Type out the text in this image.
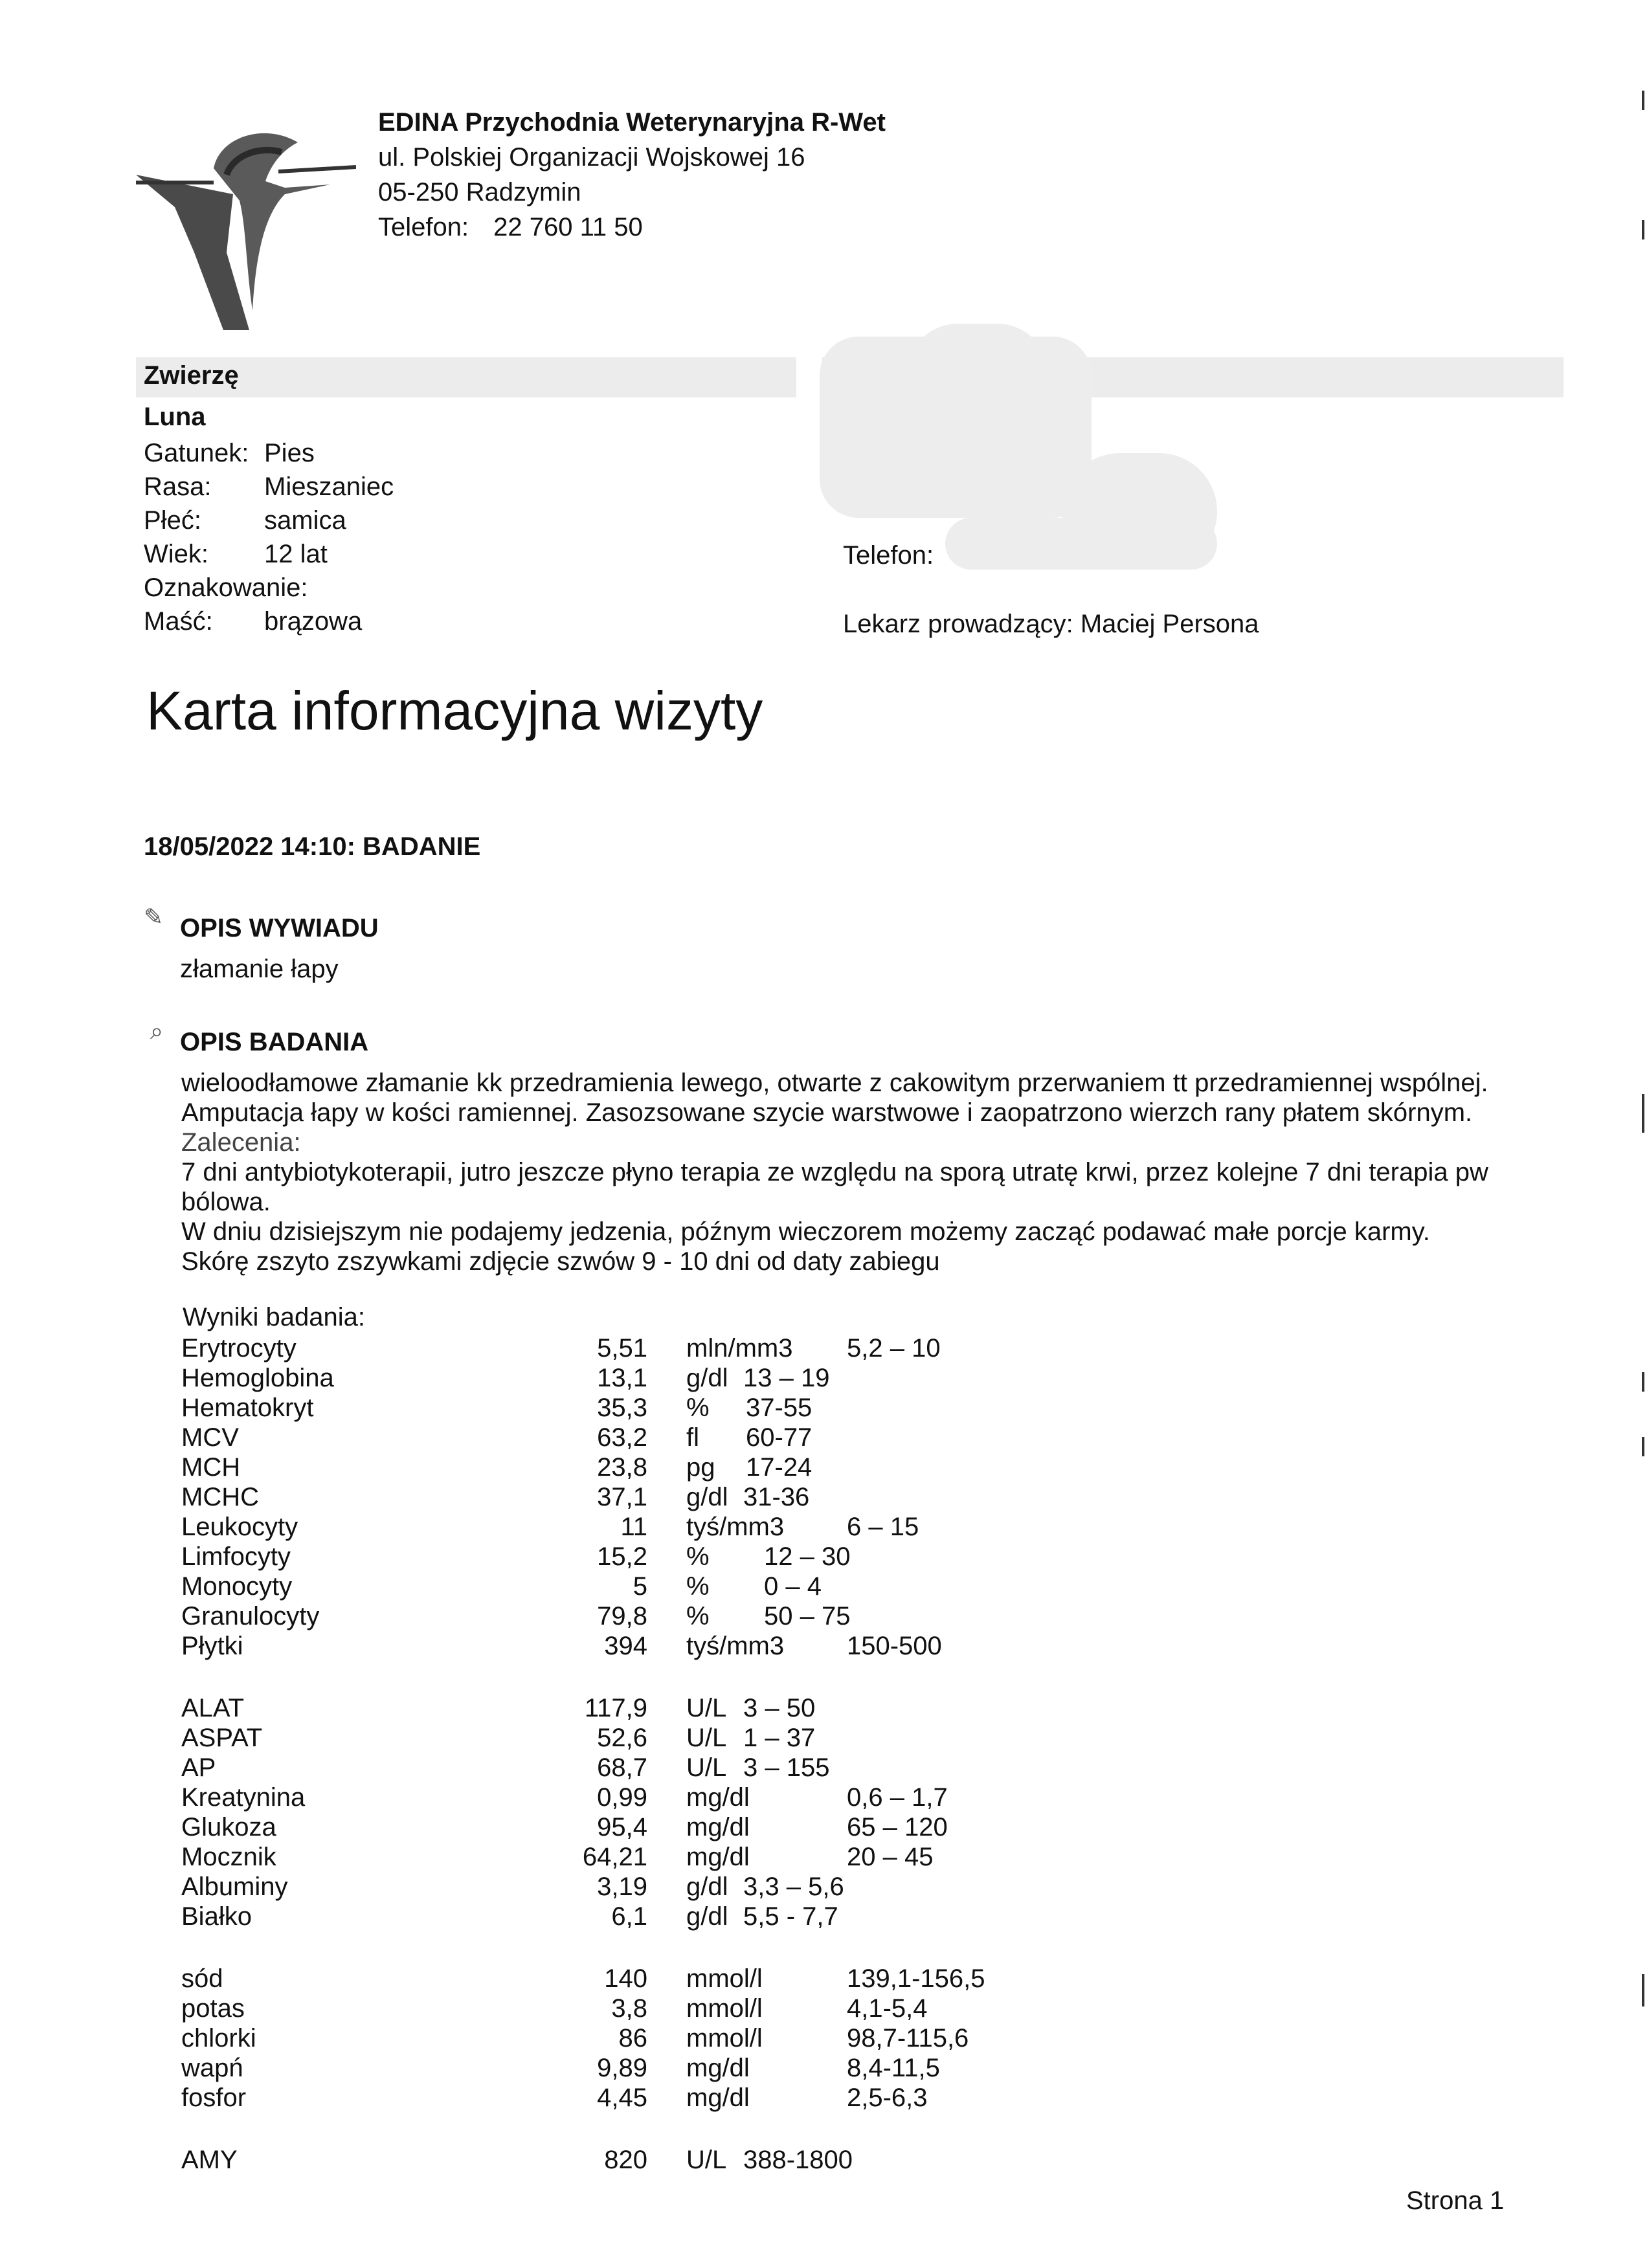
EDINA Przychodnia Weterynaryjna R-Wet
ul. Polskiej Organizacji Wojskowej 16
05-250 Radzymin
Telefon: 22 760 11 50
Zwierzę
Luna
Gatunek: Pies
Rasa: Mieszaniec
Płeć: samica
Wiek: 12 lat
Oznakowanie:
Maść: brązowa
Telefon:
Lekarz prowadzący: Maciej Persona
Karta informacyjna wizyty
18/05/2022 14:10: BADANIE
✎ OPIS WYWIADU
złamanie łapy
⌕ OPIS BADANIA
wieloodłamowe złamanie kk przedramienia lewego, otwarte z cakowitym przerwaniem tt przedramiennej wspólnej.
Amputacja łapy w kości ramiennej. Zasozsowane szycie warstwowe i zaopatrzono wierzch rany płatem skórnym.
Zalecenia:
7 dni antybiotykoterapii, jutro jeszcze płyno terapia ze względu na sporą utratę krwi, przez kolejne 7 dni terapia pw
bólowa.
W dniu dzisiejszym nie podajemy jedzenia, późnym wieczorem możemy zacząć podawać małe porcje karmy.
Skórę zszyto zszywkami zdjęcie szwów 9 - 10 dni od daty zabiegu
Wyniki badania:
Erytrocyty	5,51 mln/mm3 5,2 – 10
Hemoglobina	13,1 g/dl 13 – 19
Hematokryt	35,3 % 37-55
MCV	63,2 fl 60-77
MCH	23,8 pg 17-24
MCHC	37,1 g/dl 31-36
Leukocyty	11 tyś/mm3 6 – 15
Limfocyty	15,2 % 12 – 30
Monocyty	5 % 0 – 4
Granulocyty	79,8 % 50 – 75
Płytki	394 tyś/mm3 150-500
ALAT	117,9 U/L 3 – 50
ASPAT	52,6 U/L 1 – 37
AP	68,7 U/L 3 – 155
Kreatynina	0,99 mg/dl	0,6 – 1,7
Glukoza	95,4 mg/dl	65 – 120
Mocznik	64,21 mg/dl	20 – 45
Albuminy	3,19 g/dl 3,3 – 5,6
Białko	6,1 g/dl 5,5 - 7,7
sód	140 mmol/l	139,1-156,5
potas	3,8 mmol/l	4,1-5,4
chlorki	86 mmol/l	98,7-115,6
wapń	9,89 mg/dl	8,4-11,5
fosfor	4,45 mg/dl	2,5-6,3
AMY	820 U/L 388-1800
Strona 1
